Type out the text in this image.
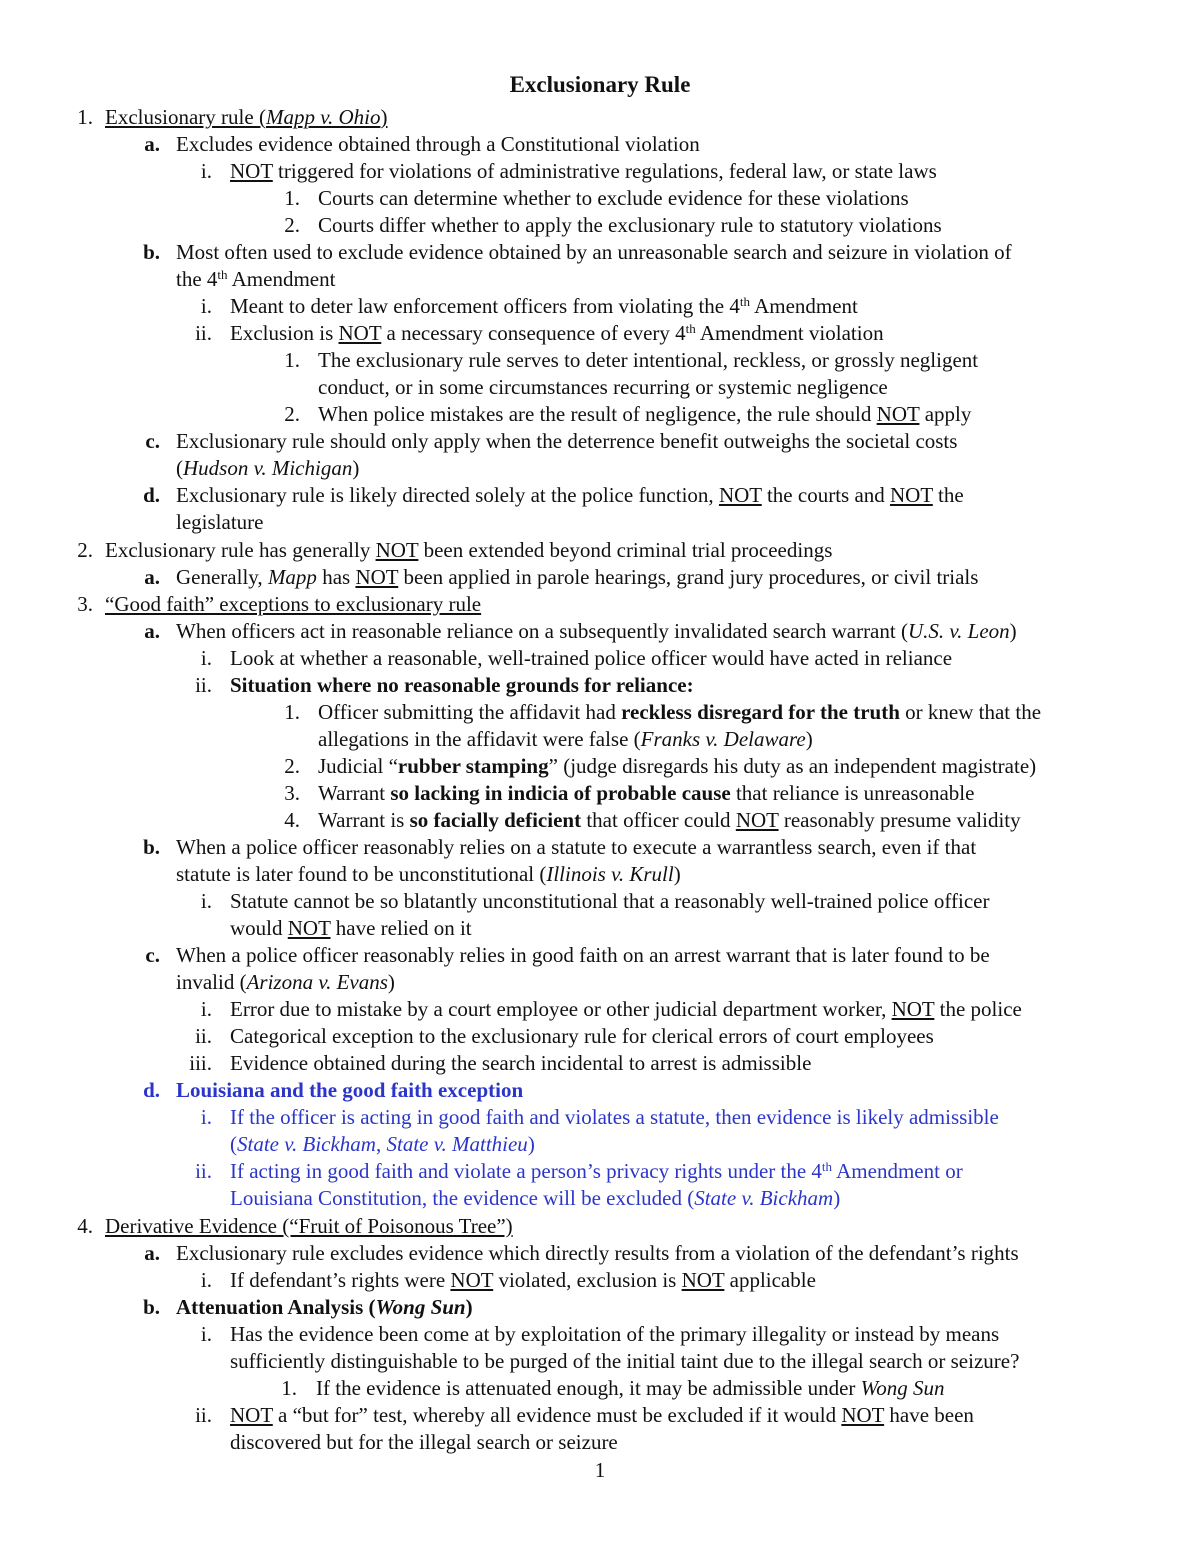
Exclusionary Rule
1. Exclusionary rule (Mapp v. Ohio)
a. Excludes evidence obtained through a Constitutional violation
i. NOT triggered for violations of administrative regulations, federal law, or state laws
1. Courts can determine whether to exclude evidence for these violations
2. Courts differ whether to apply the exclusionary rule to statutory violations
b. Most often used to exclude evidence obtained by an unreasonable search and seizure in violation of
the 4th Amendment
i. Meant to deter law enforcement officers from violating the 4th Amendment
ii. Exclusion is NOT a necessary consequence of every 4th Amendment violation
1. The exclusionary rule serves to deter intentional, reckless, or grossly negligent
conduct, or in some circumstances recurring or systemic negligence
2. When police mistakes are the result of negligence, the rule should NOT apply
c. Exclusionary rule should only apply when the deterrence benefit outweighs the societal costs
(Hudson v. Michigan)
d. Exclusionary rule is likely directed solely at the police function, NOT the courts and NOT the
legislature
2. Exclusionary rule has generally NOT been extended beyond criminal trial proceedings
a. Generally, Mapp has NOT been applied in parole hearings, grand jury procedures, or civil trials
3. “Good faith” exceptions to exclusionary rule
a. When officers act in reasonable reliance on a subsequently invalidated search warrant (U.S. v. Leon)
i. Look at whether a reasonable, well-trained police officer would have acted in reliance
ii. Situation where no reasonable grounds for reliance:
1. Officer submitting the affidavit had reckless disregard for the truth or knew that the
allegations in the affidavit were false (Franks v. Delaware)
2. Judicial “rubber stamping” (judge disregards his duty as an independent magistrate)
3. Warrant so lacking in indicia of probable cause that reliance is unreasonable
4. Warrant is so facially deficient that officer could NOT reasonably presume validity
b. When a police officer reasonably relies on a statute to execute a warrantless search, even if that
statute is later found to be unconstitutional (Illinois v. Krull)
i. Statute cannot be so blatantly unconstitutional that a reasonably well-trained police officer
would NOT have relied on it
c. When a police officer reasonably relies in good faith on an arrest warrant that is later found to be
invalid (Arizona v. Evans)
i. Error due to mistake by a court employee or other judicial department worker, NOT the police
ii. Categorical exception to the exclusionary rule for clerical errors of court employees
iii. Evidence obtained during the search incidental to arrest is admissible
d. Louisiana and the good faith exception
i. If the officer is acting in good faith and violates a statute, then evidence is likely admissible
(State v. Bickham, State v. Matthieu)
ii. If acting in good faith and violate a person’s privacy rights under the 4th Amendment or
Louisiana Constitution, the evidence will be excluded (State v. Bickham)
4. Derivative Evidence (“Fruit of Poisonous Tree”)
a. Exclusionary rule excludes evidence which directly results from a violation of the defendant’s rights
i. If defendant’s rights were NOT violated, exclusion is NOT applicable
b. Attenuation Analysis (Wong Sun)
i. Has the evidence been come at by exploitation of the primary illegality or instead by means
sufficiently distinguishable to be purged of the initial taint due to the illegal search or seizure?
1. If the evidence is attenuated enough, it may be admissible under Wong Sun
ii. NOT a “but for” test, whereby all evidence must be excluded if it would NOT have been
discovered but for the illegal search or seizure
1
